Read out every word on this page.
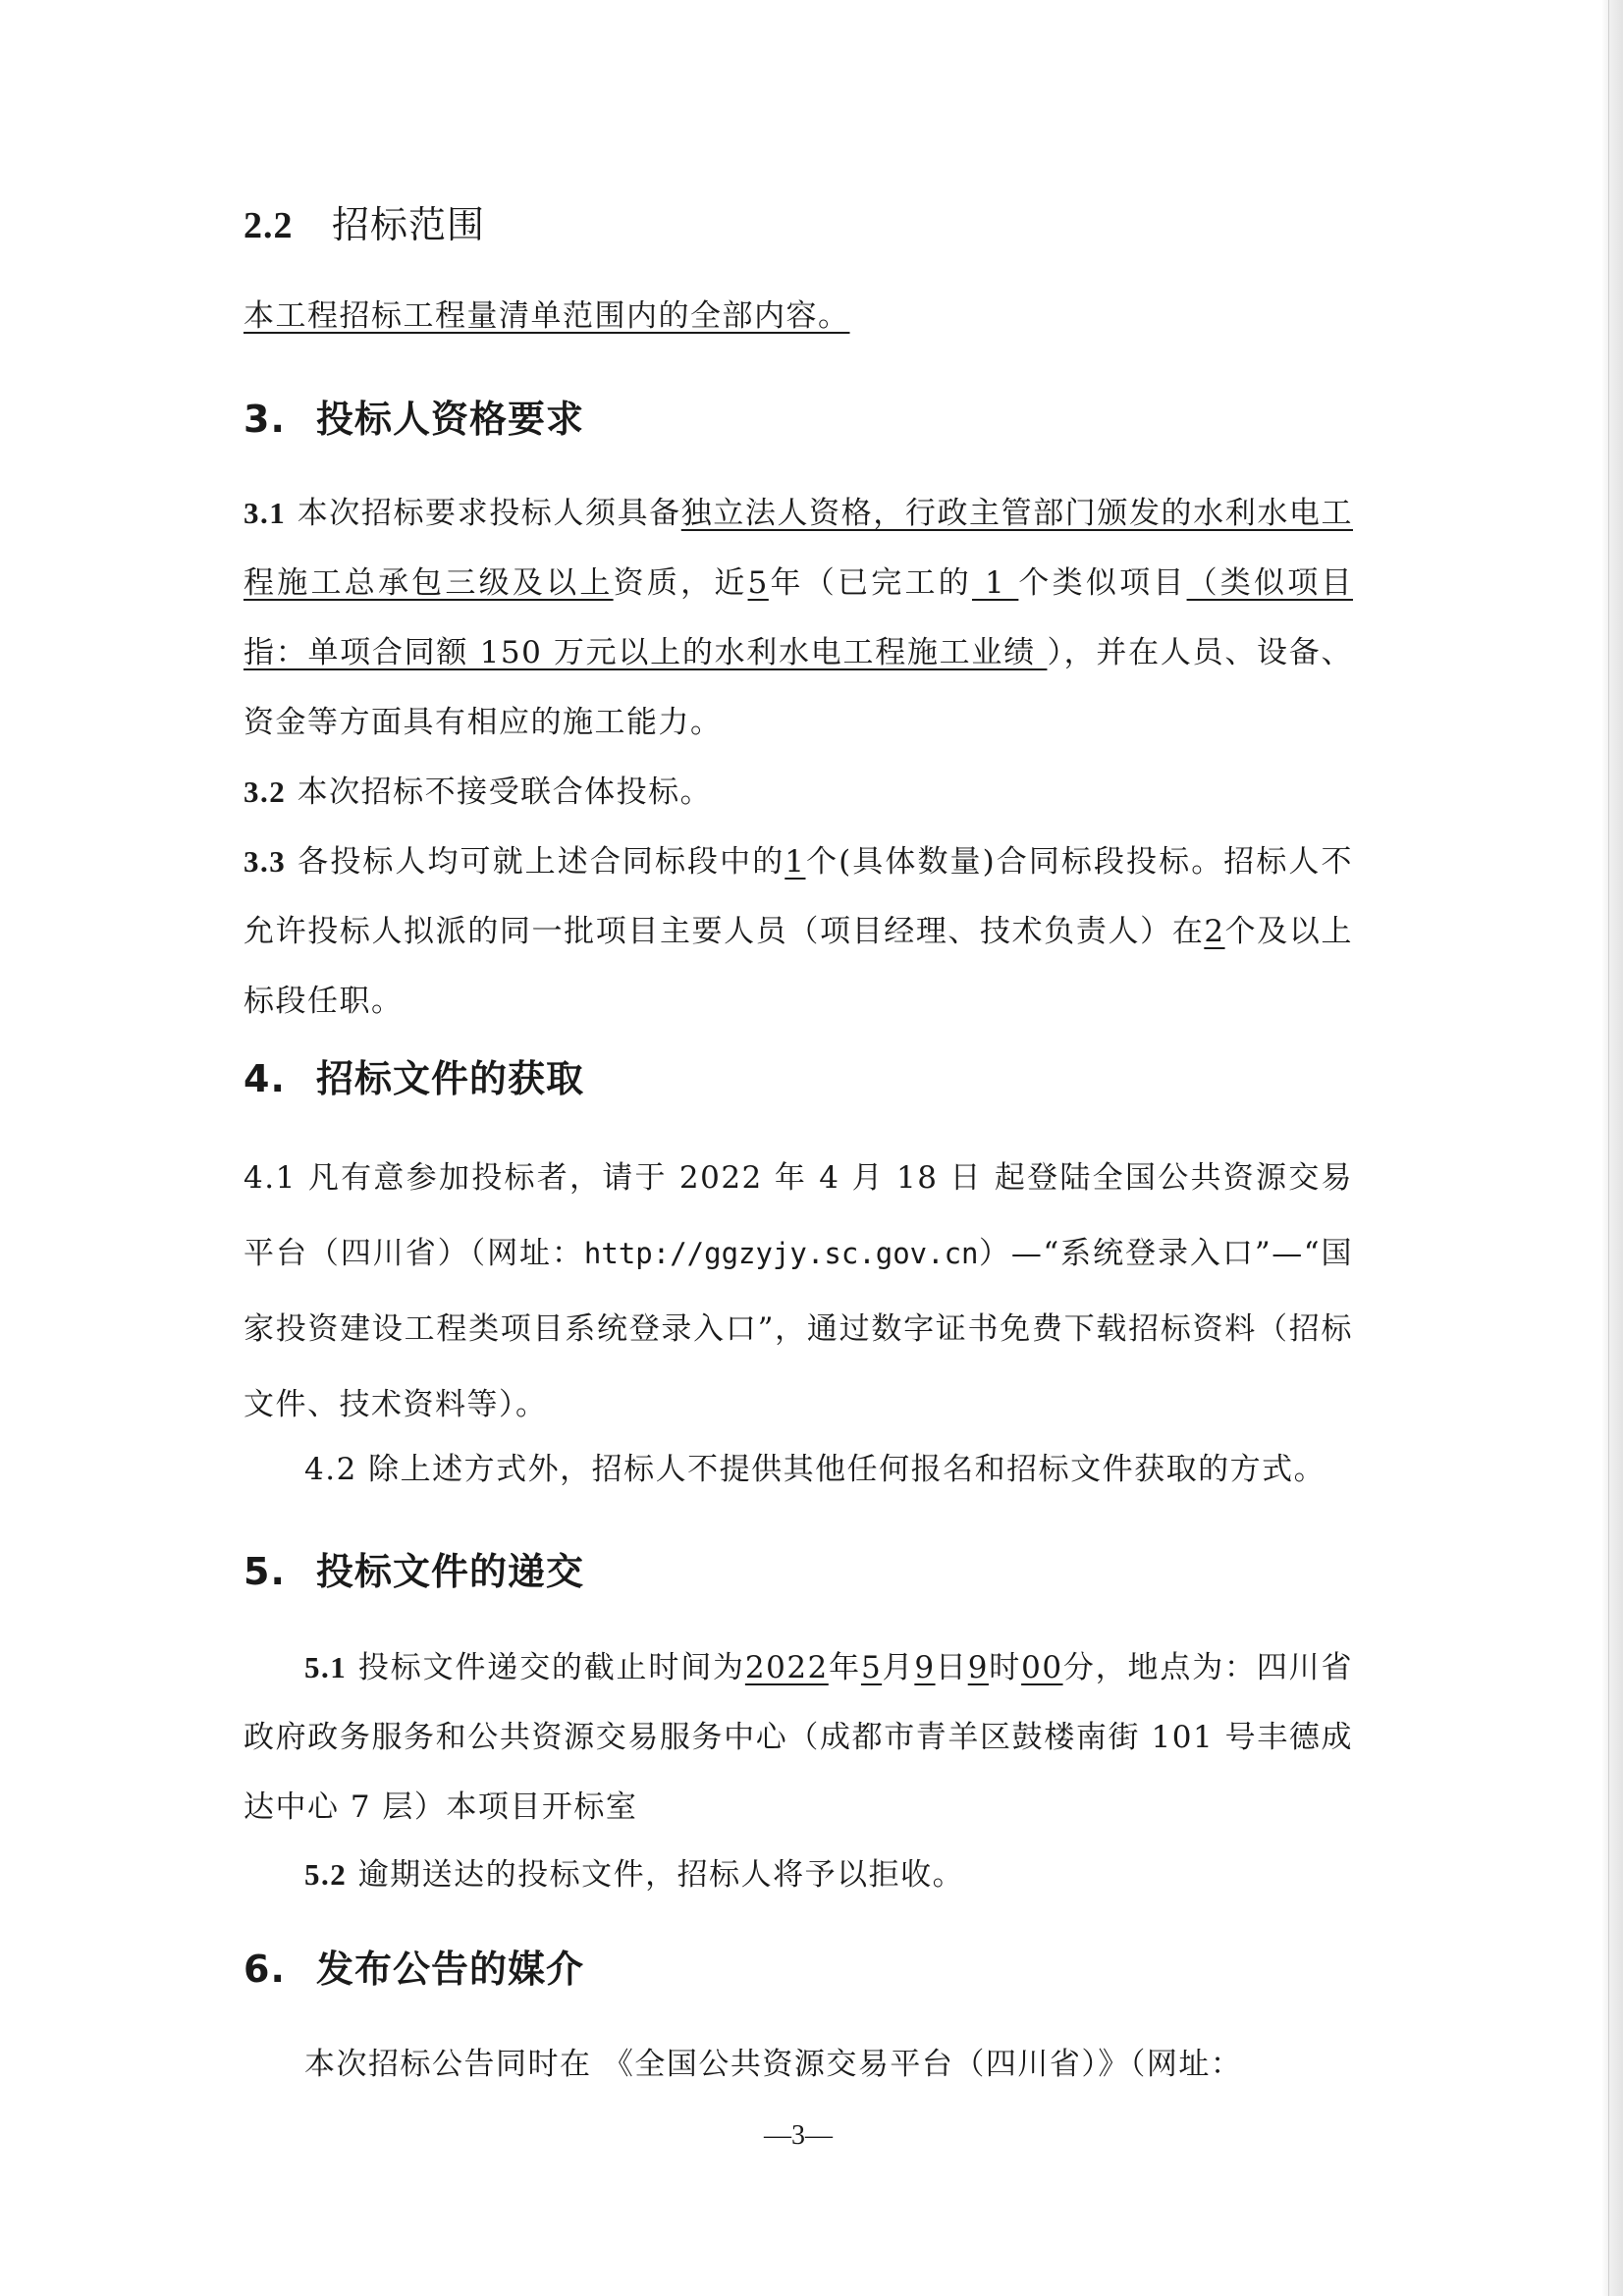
2.2 招标范围

本工程招标工程量清单范围内的全部内容。

3. 投标人资格要求

3.1 本次招标要求投标人须具备独立法人资格，行政主管部门颁发的水利水电工程施工总承包三级及以上资质，近5年（已完工的 1 个类似项目（类似项目指：单项合同额 150 万元以上的水利水电工程施工业绩 ），并在人员、设备、资金等方面具有相应的施工能力。

3.2 本次招标不接受联合体投标。

3.3 各投标人均可就上述合同标段中的1个(具体数量)合同标段投标。招标人不允许投标人拟派的同一批项目主要人员（项目经理、技术负责人）在2个及以上标段任职。

4. 招标文件的获取

4.1 凡有意参加投标者，请于 2022 年 4 月 18 日 起登陆全国公共资源交易平台（四川省）（网址：http://ggzyjy.sc.gov.cn）—“系统登录入口”—“国家投资建设工程类项目系统登录入口”，通过数字证书免费下载招标资料（招标文件、技术资料等）。

4.2 除上述方式外，招标人不提供其他任何报名和招标文件获取的方式。

5. 投标文件的递交

5.1 投标文件递交的截止时间为2022年5月9日9时00分，地点为：四川省政府政务服务和公共资源交易服务中心（成都市青羊区鼓楼南街 101 号丰德成达中心 7 层）本项目开标室

5.2 逾期送达的投标文件，招标人将予以拒收。

6. 发布公告的媒介

本次招标公告同时在 《全国公共资源交易平台（四川省）》（网址：

—3—
